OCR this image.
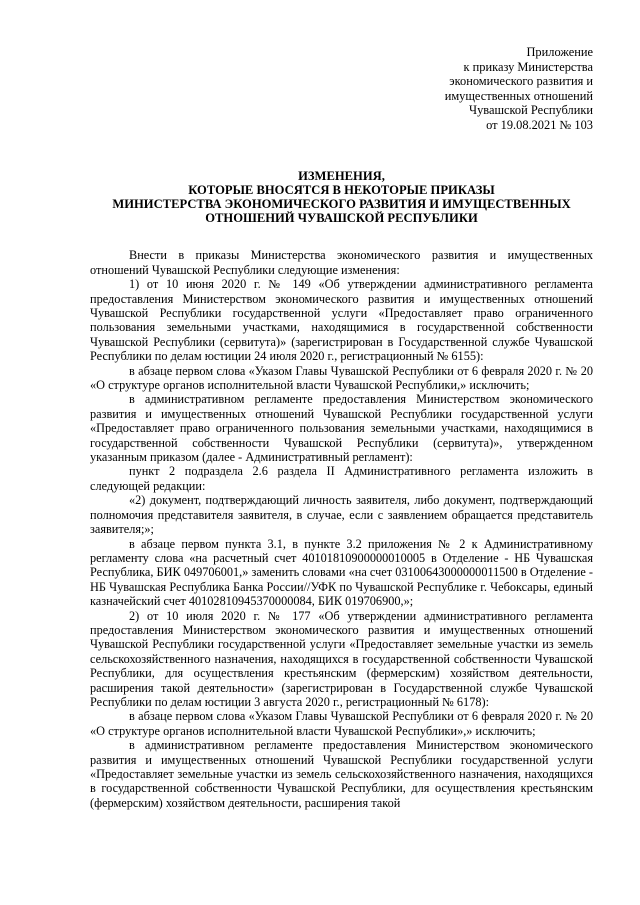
Приложение
к приказу Министерства
экономического развития и
имущественных отношений
Чувашской Республики
от 19.08.2021 № 103
ИЗМЕНЕНИЯ,
КОТОРЫЕ ВНОСЯТСЯ В НЕКОТОРЫЕ ПРИКАЗЫ
МИНИСТЕРСТВА ЭКОНОМИЧЕСКОГО РАЗВИТИЯ И ИМУЩЕСТВЕННЫХ
ОТНОШЕНИЙ ЧУВАШСКОЙ РЕСПУБЛИКИ

Внести в приказы Министерства экономического развития и имущественных отношений Чувашской Республики следующие изменения:

1) от 10 июня 2020 г. № 149 «Об утверждении административного регламента предоставления Министерством экономического развития и имущественных отношений Чувашской Республики государственной услуги «Предоставляет право ограниченного пользования земельными участками, находящимися в государственной собственности Чувашской Республики (сервитута)» (зарегистрирован в Государственной службе Чувашской Республики по делам юстиции 24 июля 2020 г., регистрационный № 6155):

в абзаце первом слова «Указом Главы Чувашской Республики от 6 февраля 2020 г. № 20 «О структуре органов исполнительной власти Чувашской Республики,» исключить;

в административном регламенте предоставления Министерством экономического развития и имущественных отношений Чувашской Республики государственной услуги «Предоставляет право ограниченного пользования земельными участками, находящимися в государственной собственности Чувашской Республики (сервитута)», утвержденном указанным приказом (далее - Административный регламент):

пункт 2 подраздела 2.6 раздела II Административного регламента изложить в следующей редакции:

«2) документ, подтверждающий личность заявителя, либо документ, подтверждающий полномочия представителя заявителя, в случае, если с заявлением обращается представитель заявителя;»;

в абзаце первом пункта 3.1, в пункте 3.2 приложения № 2 к Административному регламенту слова «на расчетный счет 40101810900000010005 в Отделение - НБ Чувашская Республика, БИК 049706001,» заменить словами «на счет 03100643000000011500 в Отделение - НБ Чувашская Республика Банка России//УФК по Чувашской Республике г. Чебоксары, единый казначейский счет 40102810945370000084, БИК 019706900,»;

2) от 10 июля 2020 г. № 177 «Об утверждении административного регламента предоставления Министерством экономического развития и имущественных отношений Чувашской Республики государственной услуги «Предоставляет земельные участки из земель сельскохозяйственного назначения, находящихся в государственной собственности Чувашской Республики, для осуществления крестьянским (фермерским) хозяйством деятельности, расширения такой деятельности» (зарегистрирован в Государственной службе Чувашской Республики по делам юстиции 3 августа 2020 г., регистрационный № 6178):

в абзаце первом слова «Указом Главы Чувашской Республики от 6 февраля 2020 г. № 20 «О структуре органов исполнительной власти Чувашской Республики»,» исключить;

в административном регламенте предоставления Министерством экономического развития и имущественных отношений Чувашской Республики государственной услуги «Предоставляет земельные участки из земель сельскохозяйственного назначения, находящихся в государственной собственности Чувашской Республики, для осуществления крестьянским (фермерским) хозяйством деятельности, расширения такой
